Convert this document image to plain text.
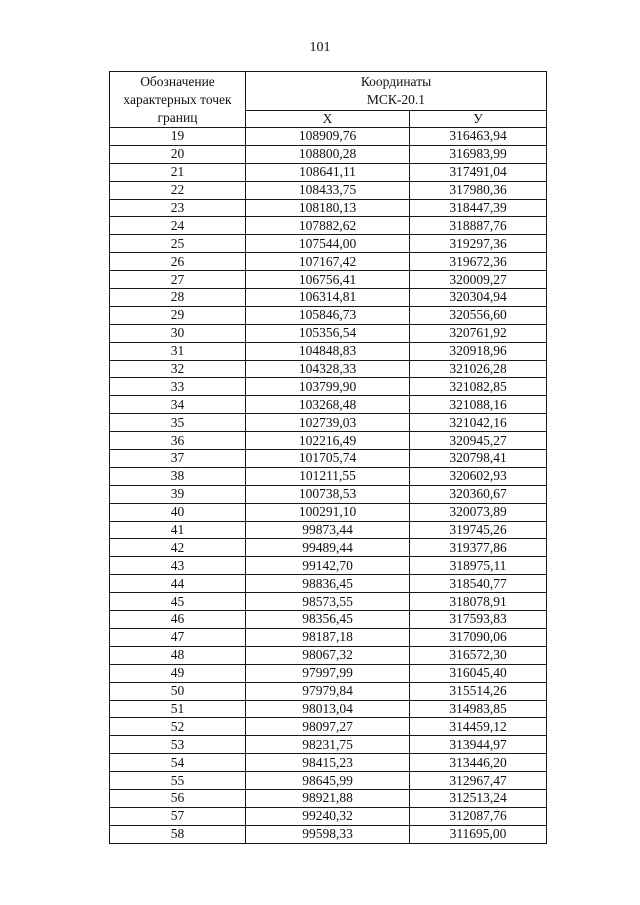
101
Обозначение
характерных точек
границ	Координаты
МСК-20.1	

	X	У
19	108909,76	316463,94
20	108800,28	316983,99
21	108641,11	317491,04
22	108433,75	317980,36
23	108180,13	318447,39
24	107882,62	318887,76
25	107544,00	319297,36
26	107167,42	319672,36
27	106756,41	320009,27
28	106314,81	320304,94
29	105846,73	320556,60
30	105356,54	320761,92
31	104848,83	320918,96
32	104328,33	321026,28
33	103799,90	321082,85
34	103268,48	321088,16
35	102739,03	321042,16
36	102216,49	320945,27
37	101705,74	320798,41
38	101211,55	320602,93
39	100738,53	320360,67
40	100291,10	320073,89
41	99873,44	319745,26
42	99489,44	319377,86
43	99142,70	318975,11
44	98836,45	318540,77
45	98573,55	318078,91
46	98356,45	317593,83
47	98187,18	317090,06
48	98067,32	316572,30
49	97997,99	316045,40
50	97979,84	315514,26
51	98013,04	314983,85
52	98097,27	314459,12
53	98231,75	313944,97
54	98415,23	313446,20
55	98645,99	312967,47
56	98921,88	312513,24
57	99240,32	312087,76
58	99598,33	311695,00
